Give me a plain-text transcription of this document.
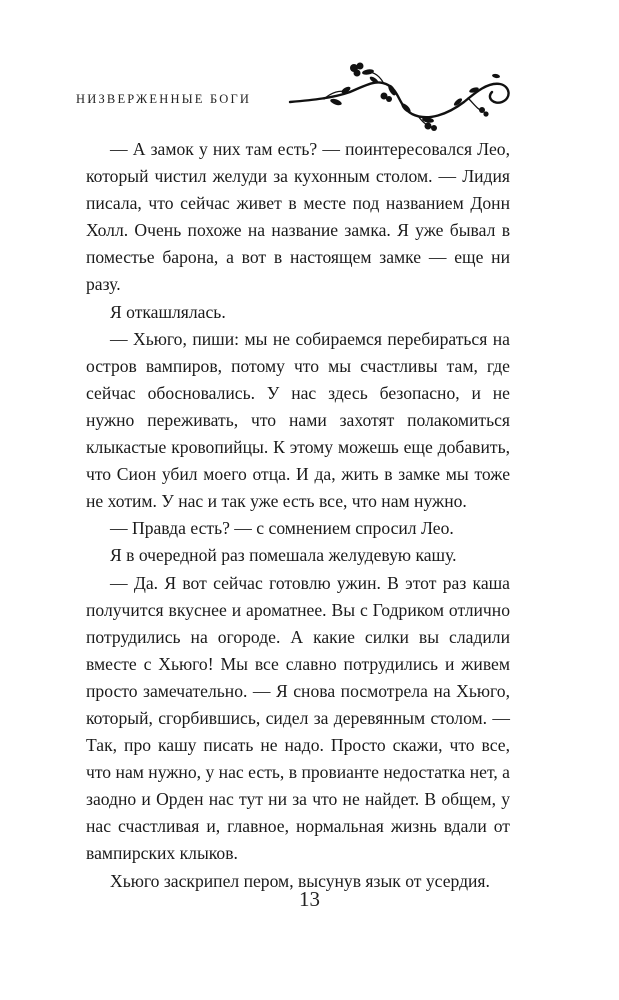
НИЗВЕРЖЕННЫЕ БОГИ

— А замок у них там есть? — поинтересовался Лео, который чистил желуди за кухонным столом. — Лидия писала, что сейчас живет в месте под названием Донн Холл. Очень похоже на название замка. Я уже бывал в поместье барона, а вот в настоящем замке — еще ни разу.

Я откашлялась.

— Хьюго, пиши: мы не собираемся перебираться на остров вампиров, потому что мы счастливы там, где сейчас обосновались. У нас здесь безопасно, и не нужно переживать, что нами захотят полакомиться клыкастые кровопийцы. К этому можешь еще добавить, что Сион убил моего отца. И да, жить в замке мы тоже не хотим. У нас и так уже есть все, что нам нужно.

— Правда есть? — с сомнением спросил Лео.

Я в очередной раз помешала желудевую кашу.

— Да. Я вот сейчас готовлю ужин. В этот раз каша получится вкуснее и ароматнее. Вы с Годриком отлично потрудились на огороде. А какие силки вы сладили вместе с Хьюго! Мы все славно потрудились и живем просто замечательно. — Я снова посмотрела на Хьюго, который, сгорбившись, сидел за деревянным столом. — Так, про кашу писать не надо. Просто скажи, что все, что нам нужно, у нас есть, в провианте недостатка нет, а заодно и Орден нас тут ни за что не найдет. В общем, у нас счастливая и, главное, нормальная жизнь вдали от вампирских клыков.

Хьюго заскрипел пером, высунув язык от усердия.

13
